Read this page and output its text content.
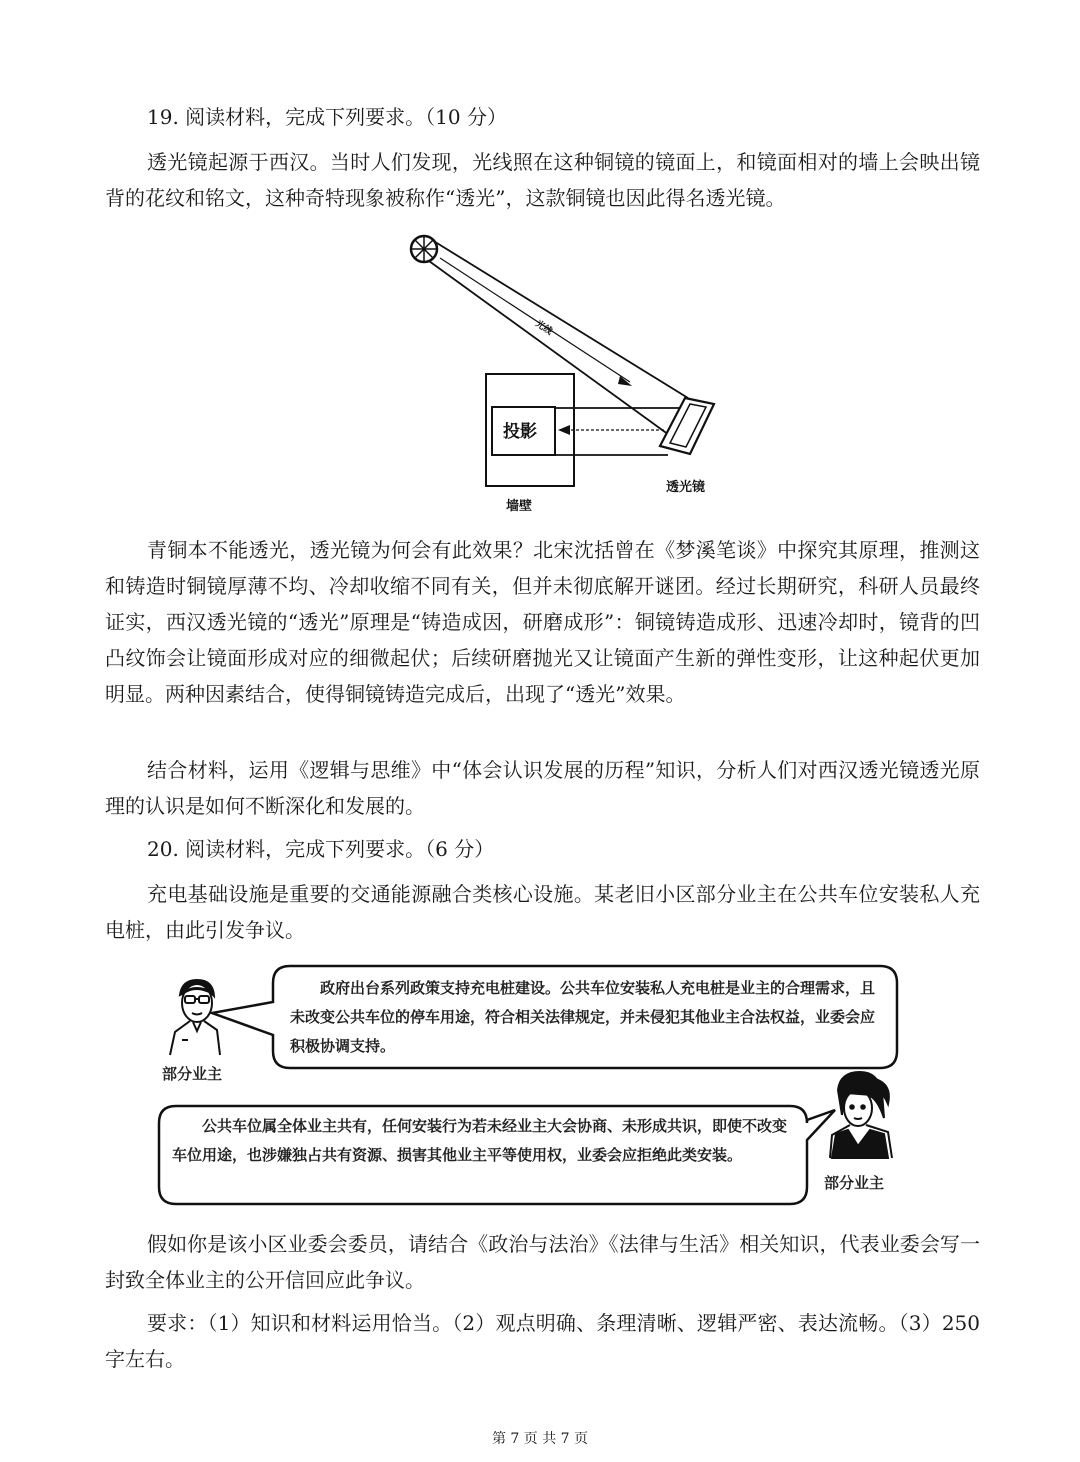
19. 阅读材料，完成下列要求。（10 分）

透光镜起源于西汉。当时人们发现，光线照在这种铜镜的镜面上，和镜面相对的墙上会映出镜背的花纹和铭文，这种奇特现象被称作“透光”，这款铜镜也因此得名透光镜。

光线
投影
墙壁
透光镜

青铜本不能透光，透光镜为何会有此效果？北宋沈括曾在《梦溪笔谈》中探究其原理，推测这和铸造时铜镜厚薄不均、冷却收缩不同有关，但并未彻底解开谜团。经过长期研究，科研人员最终证实，西汉透光镜的“透光”原理是“铸造成因，研磨成形”：铜镜铸造成形、迅速冷却时，镜背的凹凸纹饰会让镜面形成对应的细微起伏；后续研磨抛光又让镜面产生新的弹性变形，让这种起伏更加明显。两种因素结合，使得铜镜铸造完成后，出现了“透光”效果。

结合材料，运用《逻辑与思维》中“体会认识发展的历程”知识，分析人们对西汉透光镜透光原理的认识是如何不断深化和发展的。

20. 阅读材料，完成下列要求。（6 分）

充电基础设施是重要的交通能源融合类核心设施。某老旧小区部分业主在公共车位安装私人充电桩，由此引发争议。

政府出台系列政策支持充电桩建设。公共车位安装私人充电桩是业主的合理需求，且未改变公共车位的停车用途，符合相关法律规定，并未侵犯其他业主合法权益，业委会应积极协调支持。

部分业主

公共车位属全体业主共有，任何安装行为若未经业主大会协商、未形成共识，即使不改变车位用途，也涉嫌独占共有资源、损害其他业主平等使用权，业委会应拒绝此类安装。

部分业主

假如你是该小区业委会委员，请结合《政治与法治》《法律与生活》相关知识，代表业委会写一封致全体业主的公开信回应此争议。

要求：（1）知识和材料运用恰当。（2）观点明确、条理清晰、逻辑严密、表达流畅。（3）250 字左右。

第 7 页 共 7 页
